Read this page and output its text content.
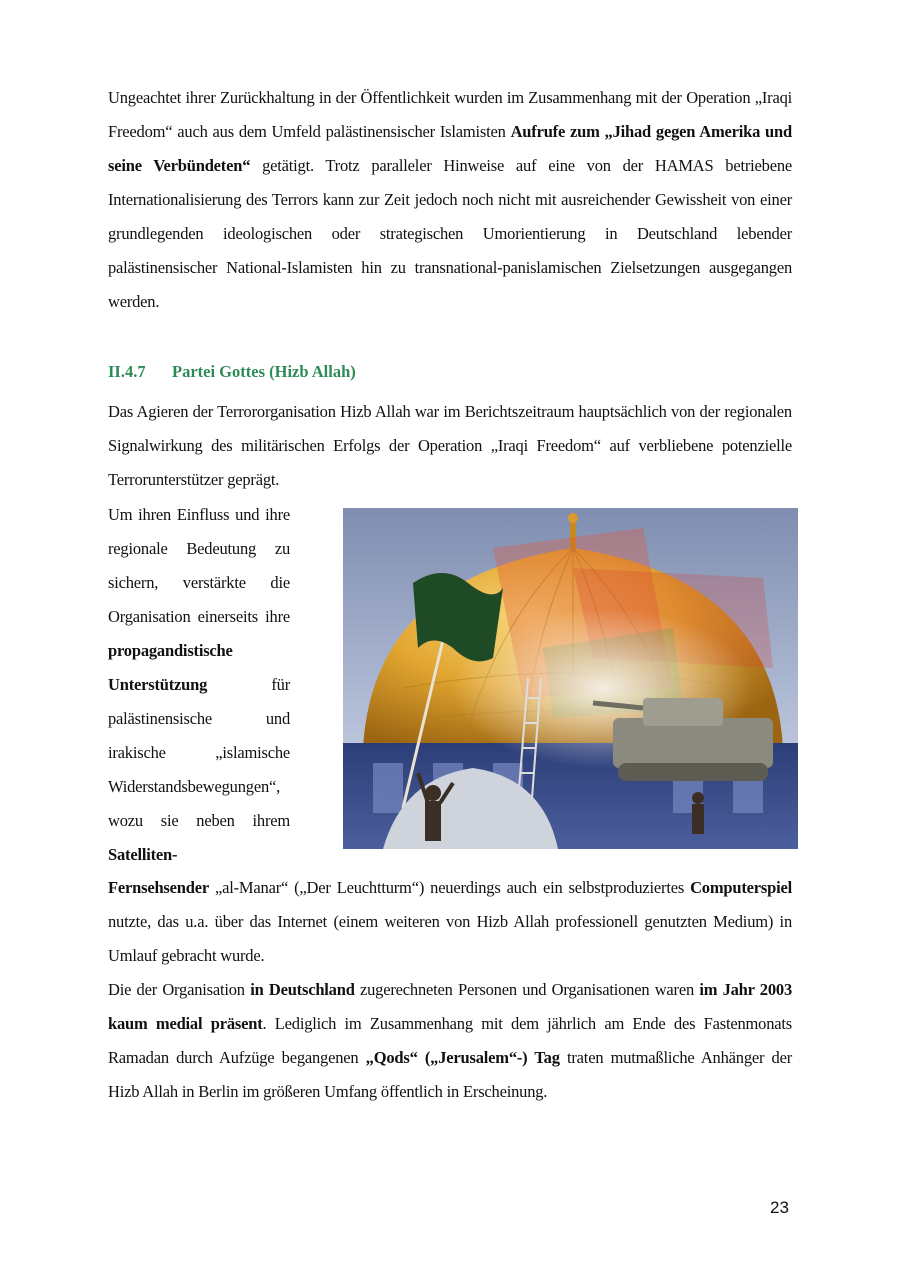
Ungeachtet ihrer Zurückhaltung in der Öffentlichkeit wurden im Zusammenhang mit der Operation „Iraqi Freedom“ auch aus dem Umfeld palästinensischer Islamisten Aufrufe zum „Jihad gegen Amerika und seine Verbündeten“ getätigt. Trotz paralleler Hinweise auf eine von der HAMAS betriebene Internationalisierung des Terrors kann zur Zeit jedoch noch nicht mit ausreichender Gewissheit von einer grundlegenden ideologischen oder strategischen Umorientierung in Deutschland lebender palästinensischer National-Islamisten hin zu transnational-panislamischen Zielsetzungen ausgegangen werden.

II.4.7 Partei Gottes (Hizb Allah)

Das Agieren der Terrororganisation Hizb Allah war im Berichtszeitraum hauptsächlich von der regionalen Signalwirkung des militärischen Erfolgs der Operation „Iraqi Freedom“ auf verbliebene potenzielle Terrorunterstützer geprägt.

Um ihren Einfluss und ihre regionale Bedeutung zu sichern, verstärkte die Organisation einerseits ihre propagandistische Unterstützung für palästinensische und irakische „islamische Widerstandsbewegungen“, wozu sie neben ihrem Satelliten-

Fernsehsender „al-Manar“ („Der Leuchtturm“) neuerdings auch ein selbstproduziertes Computerspiel nutzte, das u.a. über das Internet (einem weiteren von Hizb Allah professionell genutzten Medium) in Umlauf gebracht wurde.

Die der Organisation in Deutschland zugerechneten Personen und Organisationen waren im Jahr 2003 kaum medial präsent. Lediglich im Zusammenhang mit dem jährlich am Ende des Fastenmonats Ramadan durch Aufzüge begangenen „Qods“ („Jerusalem“-) Tag traten mutmaßliche Anhänger der Hizb Allah in Berlin im größeren Umfang öffentlich in Erscheinung.

23
